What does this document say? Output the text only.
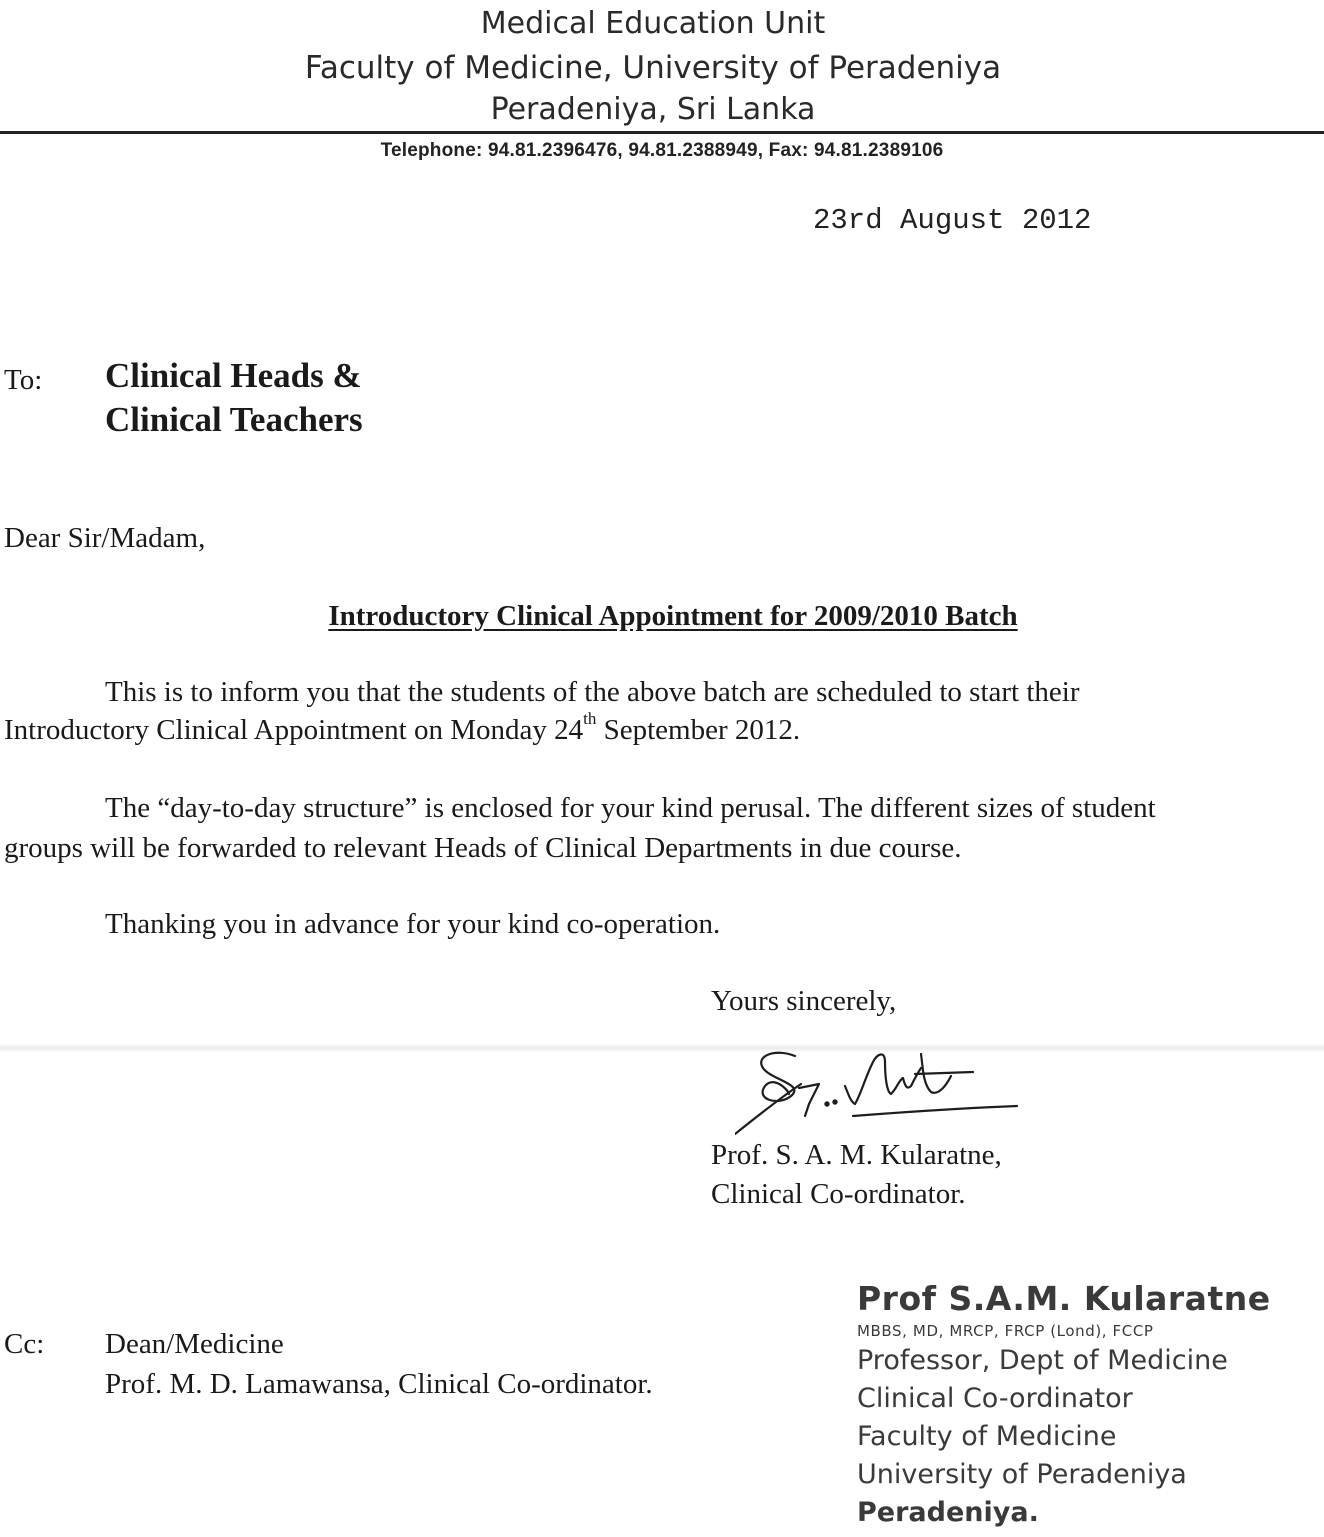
Medical Education Unit
Faculty of Medicine, University of Peradeniya
Peradeniya, Sri Lanka
Telephone: 94.81.2396476, 94.81.2388949, Fax: 94.81.2389106
23rd August 2012
To: Clinical Heads &
Clinical Teachers
Dear Sir/Madam,
Introductory Clinical Appointment for 2009/2010 Batch
This is to inform you that the students of the above batch are scheduled to start their
Introductory Clinical Appointment on Monday 24th September 2012.
The “day-to-day structure” is enclosed for your kind perusal. The different sizes of student
groups will be forwarded to relevant Heads of Clinical Departments in due course.
Thanking you in advance for your kind co-operation.
Yours sincerely,
Prof. S. A. M. Kularatne,
Clinical Co-ordinator.
Cc: Dean/Medicine
Prof. M. D. Lamawansa, Clinical Co-ordinator.
Prof S.A.M. Kularatne
MBBS, MD, MRCP, FRCP (Lond), FCCP
Professor, Dept of Medicine
Clinical Co-ordinator
Faculty of Medicine
University of Peradeniya
Peradeniya.
